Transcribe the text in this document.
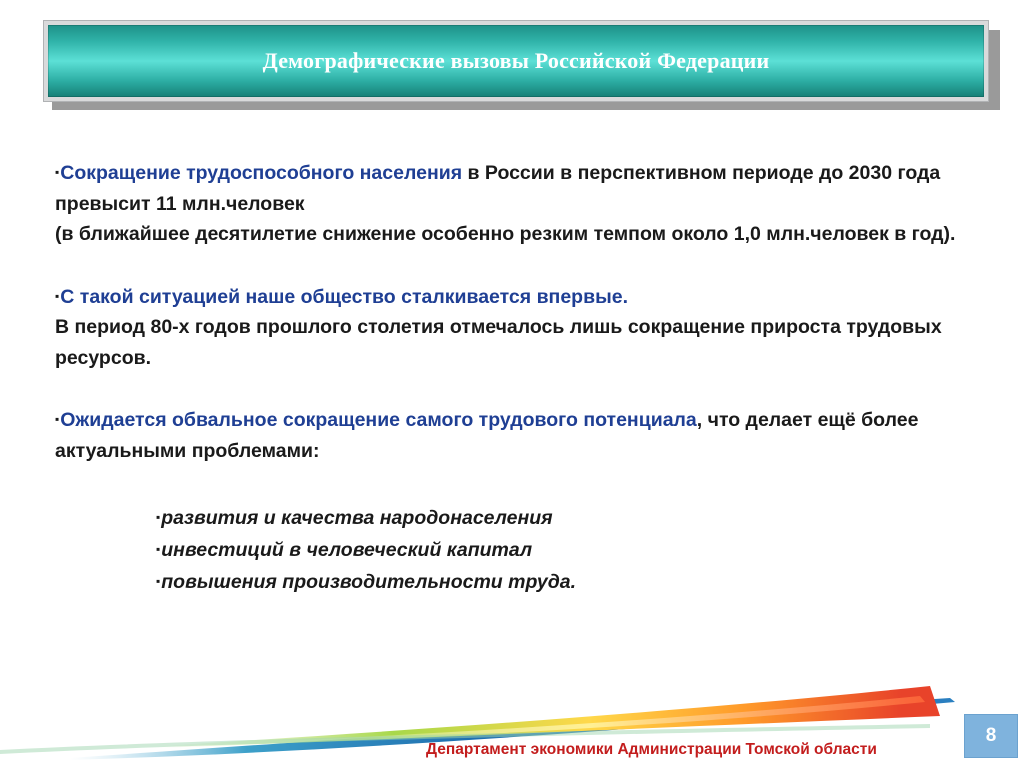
Демографические вызовы Российской Федерации

▪Сокращение трудоспособного населения в России в перспективном периоде до 2030 года превысит 11 млн.человек
(в ближайшее десятилетие снижение особенно резким темпом около 1,0 млн.человек в год).

▪С такой ситуацией наше общество сталкивается впервые.
В период 80-х годов прошлого столетия отмечалось лишь сокращение прироста трудовых ресурсов.

▪Ожидается обвальное сокращение самого трудового потенциала, что делает ещё более актуальными проблемами:

▪развития и качества народонаселения
▪инвестиций в человеческий капитал
▪повышения производительности труда.
8
Департамент экономики Администрации Томской области
